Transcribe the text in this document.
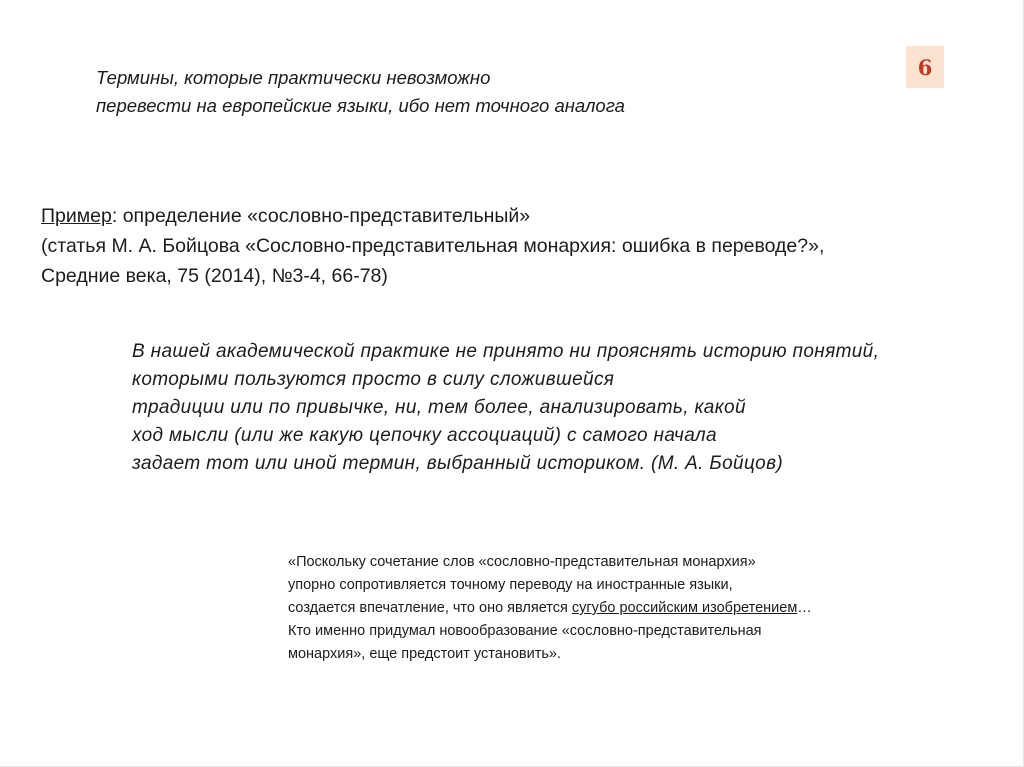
6
Термины, которые практически невозможно
перевести на европейские языки, ибо нет точного аналога
Пример: определение «сословно-представительный»
(статья М. А. Бойцова «Сословно-представительная монархия: ошибка в переводе?»,
Средние века, 75 (2014), №3-4, 66-78)
В нашей академической практике не принято ни прояснять историю понятий,
которыми пользуются просто в силу сложившейся
традиции или по привычке, ни, тем более, анализировать, какой
ход мысли (или же какую цепочку ассоциаций) с самого начала
задает тот или иной термин, выбранный историком. (М. А. Бойцов)
«Поскольку сочетание слов «сословно-представительная монархия»
упорно сопротивляется точному переводу на иностранные языки,
создается впечатление, что оно является сугубо российским изобретением…
Кто именно придумал новообразование «сословно-представительная
монархия», еще предстоит установить».
